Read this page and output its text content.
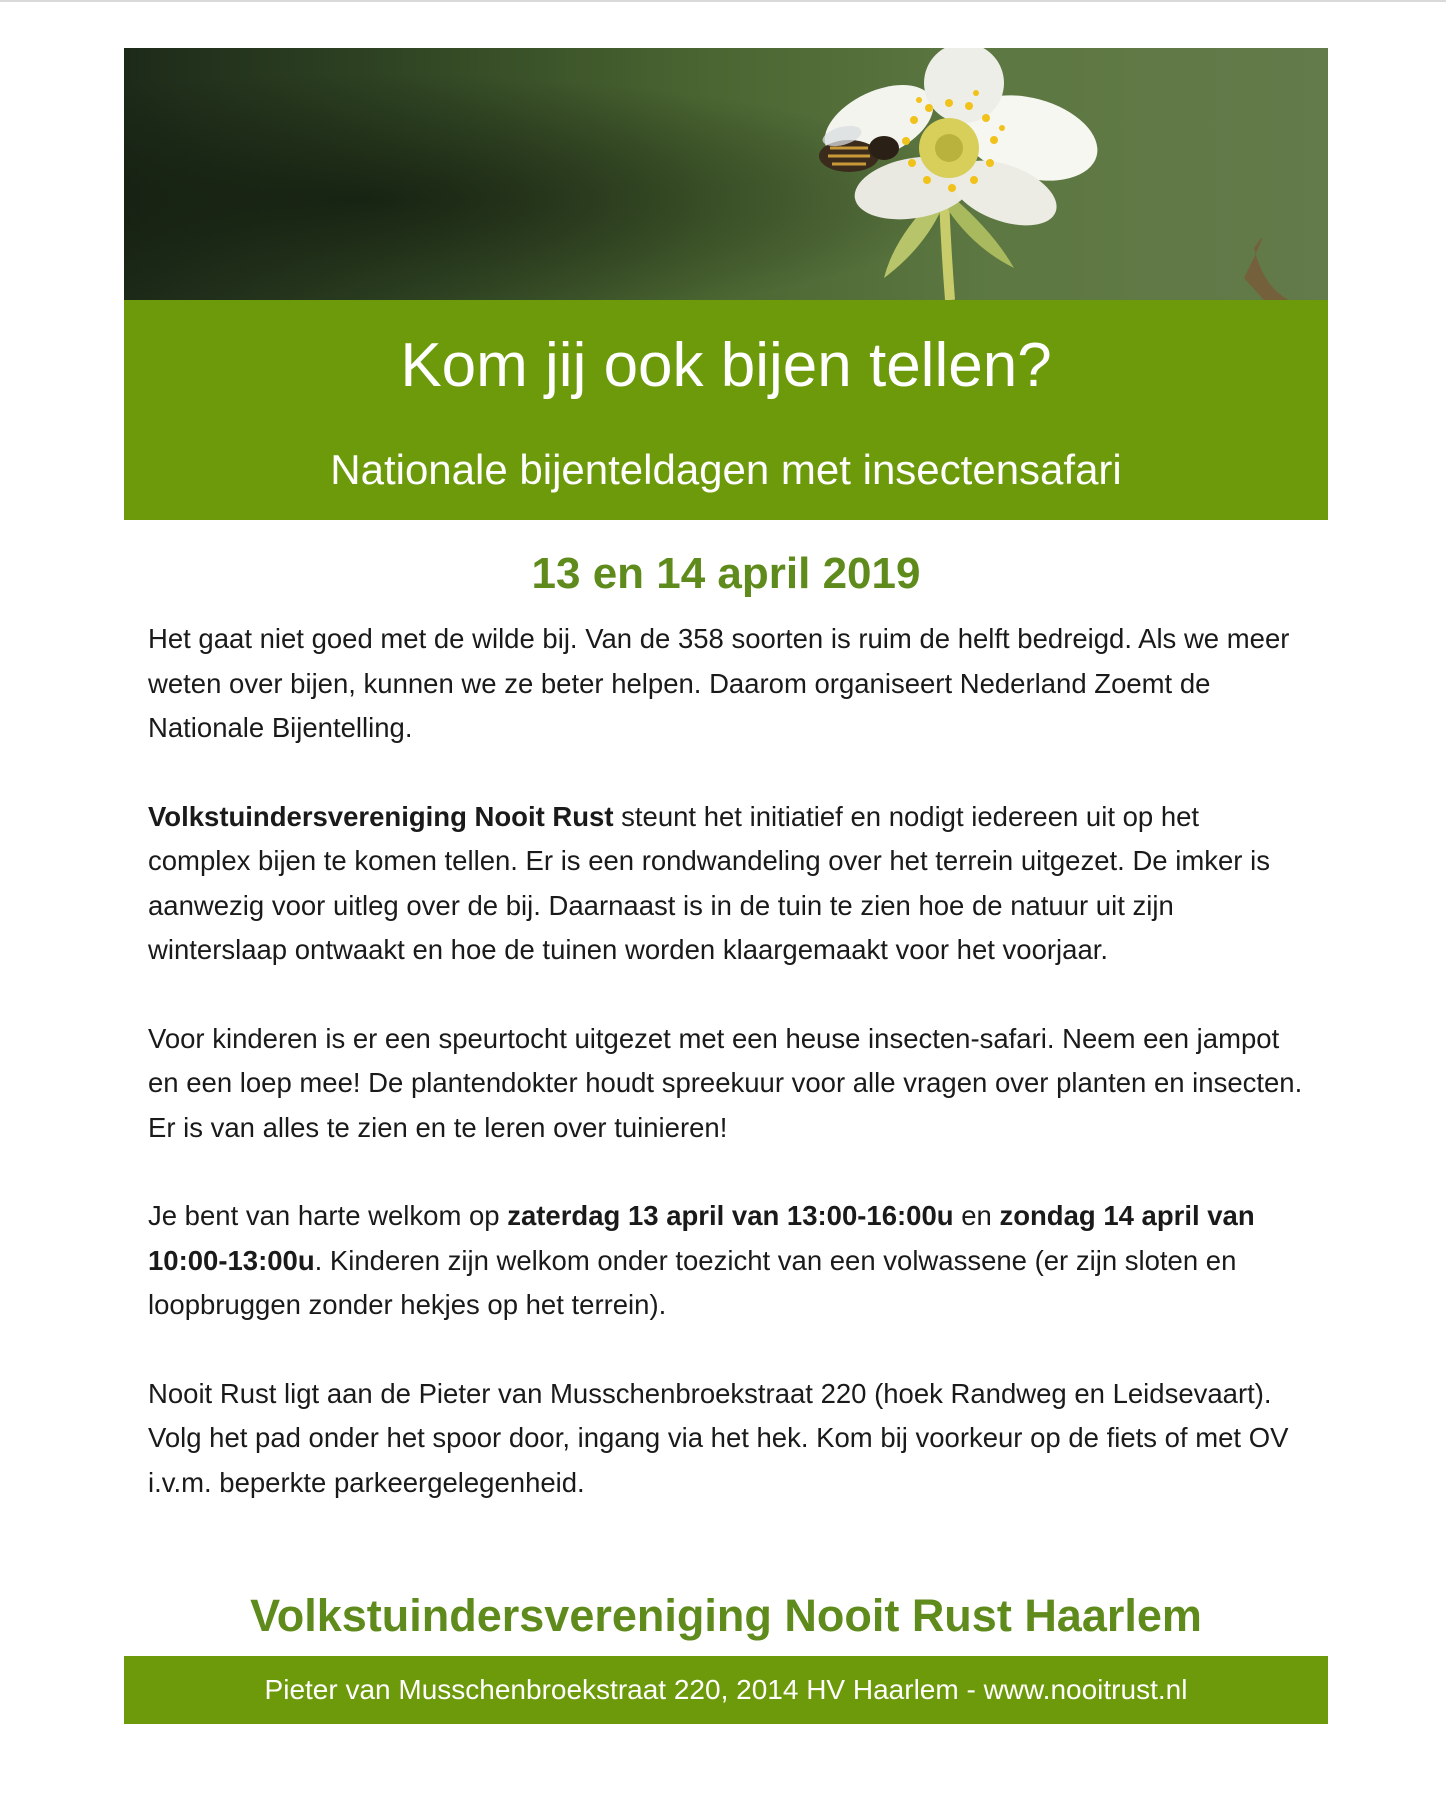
Kom jij ook bijen tellen?
Nationale bijenteldagen met insectensafari
13 en 14 april 2019

Het gaat niet goed met de wilde bij. Van de 358 soorten is ruim de helft bedreigd. Als we meer weten over bijen, kunnen we ze beter helpen. Daarom organiseert Nederland Zoemt de Nationale Bijentelling.

Volkstuindersvereniging Nooit Rust steunt het initiatief en nodigt iedereen uit op het complex bijen te komen tellen. Er is een rondwandeling over het terrein uitgezet. De imker is aanwezig voor uitleg over de bij. Daarnaast is in de tuin te zien hoe de natuur uit zijn winterslaap ontwaakt en hoe de tuinen worden klaargemaakt voor het voorjaar.

Voor kinderen is er een speurtocht uitgezet met een heuse insecten-safari. Neem een jampot en een loep mee! De plantendokter houdt spreekuur voor alle vragen over planten en insecten. Er is van alles te zien en te leren over tuinieren!

Je bent van harte welkom op zaterdag 13 april van 13:00-16:00u en zondag 14 april van 10:00-13:00u. Kinderen zijn welkom onder toezicht van een volwassene (er zijn sloten en loopbruggen zonder hekjes op het terrein).

Nooit Rust ligt aan de Pieter van Musschenbroekstraat 220 (hoek Randweg en Leidsevaart). Volg het pad onder het spoor door, ingang via het hek. Kom bij voorkeur op de fiets of met OV i.v.m. beperkte parkeergelegenheid.

Volkstuindersvereniging Nooit Rust Haarlem
Pieter van Musschenbroekstraat 220, 2014 HV Haarlem - www.nooitrust.nl
